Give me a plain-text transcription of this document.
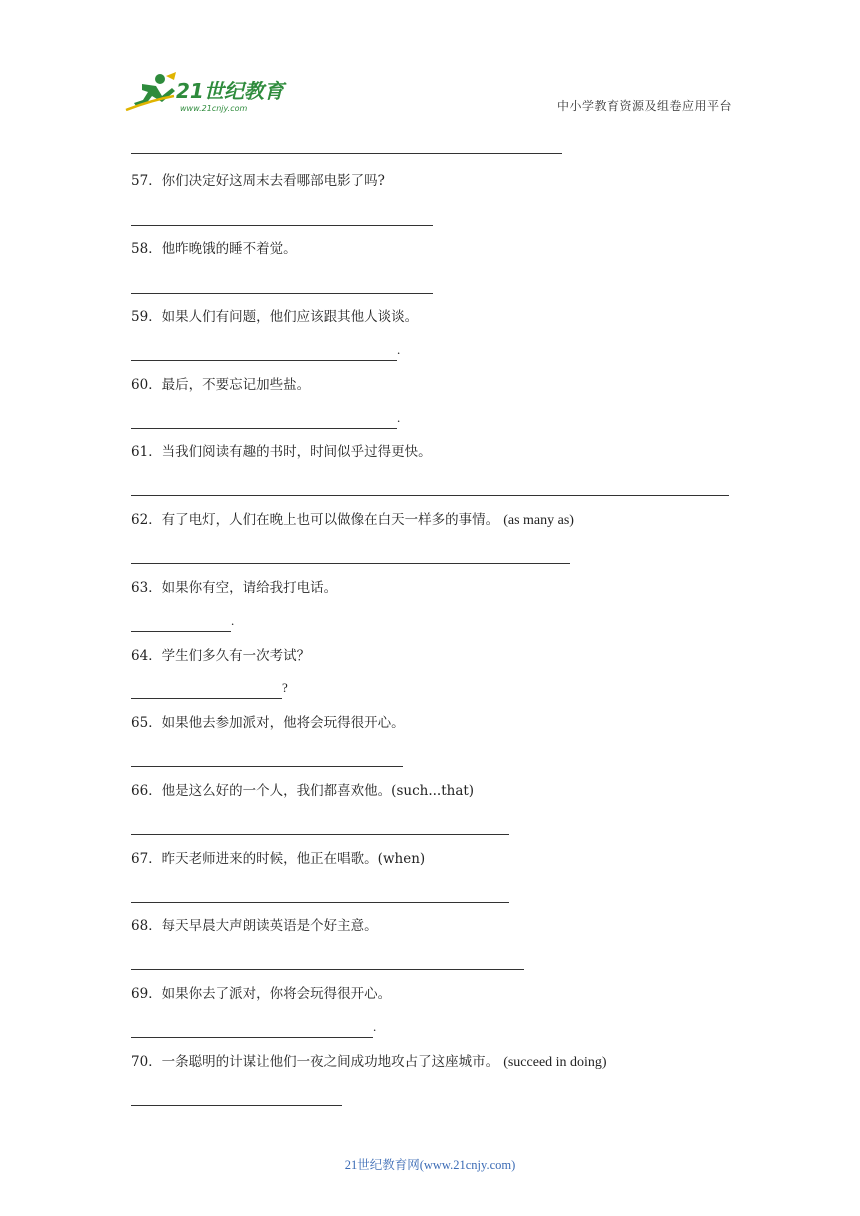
21世纪教育
www.21cnjy.com	中小学教育资源及组卷应用平台
57．你们决定好这周末去看哪部电影了吗?
58．他昨晚饿的睡不着觉。
59．如果人们有问题，他们应该跟其他人谈谈。
.
60．最后，不要忘记加些盐。
.
61．当我们阅读有趣的书时，时间似乎过得更快。
62．有了电灯，人们在晚上也可以做像在白天一样多的事情。 (as many as)
63．如果你有空，请给我打电话。
.
64．学生们多久有一次考试？
?
65．如果他去参加派对，他将会玩得很开心。
66．他是这么好的一个人，我们都喜欢他。(such...that)
67．昨天老师进来的时候，他正在唱歌。(when)
68．每天早晨大声朗读英语是个好主意。
69．如果你去了派对，你将会玩得很开心。
.
70．一条聪明的计谋让他们一夜之间成功地攻占了这座城市。 (succeed in doing)
21世纪教育网(www.21cnjy.com)
